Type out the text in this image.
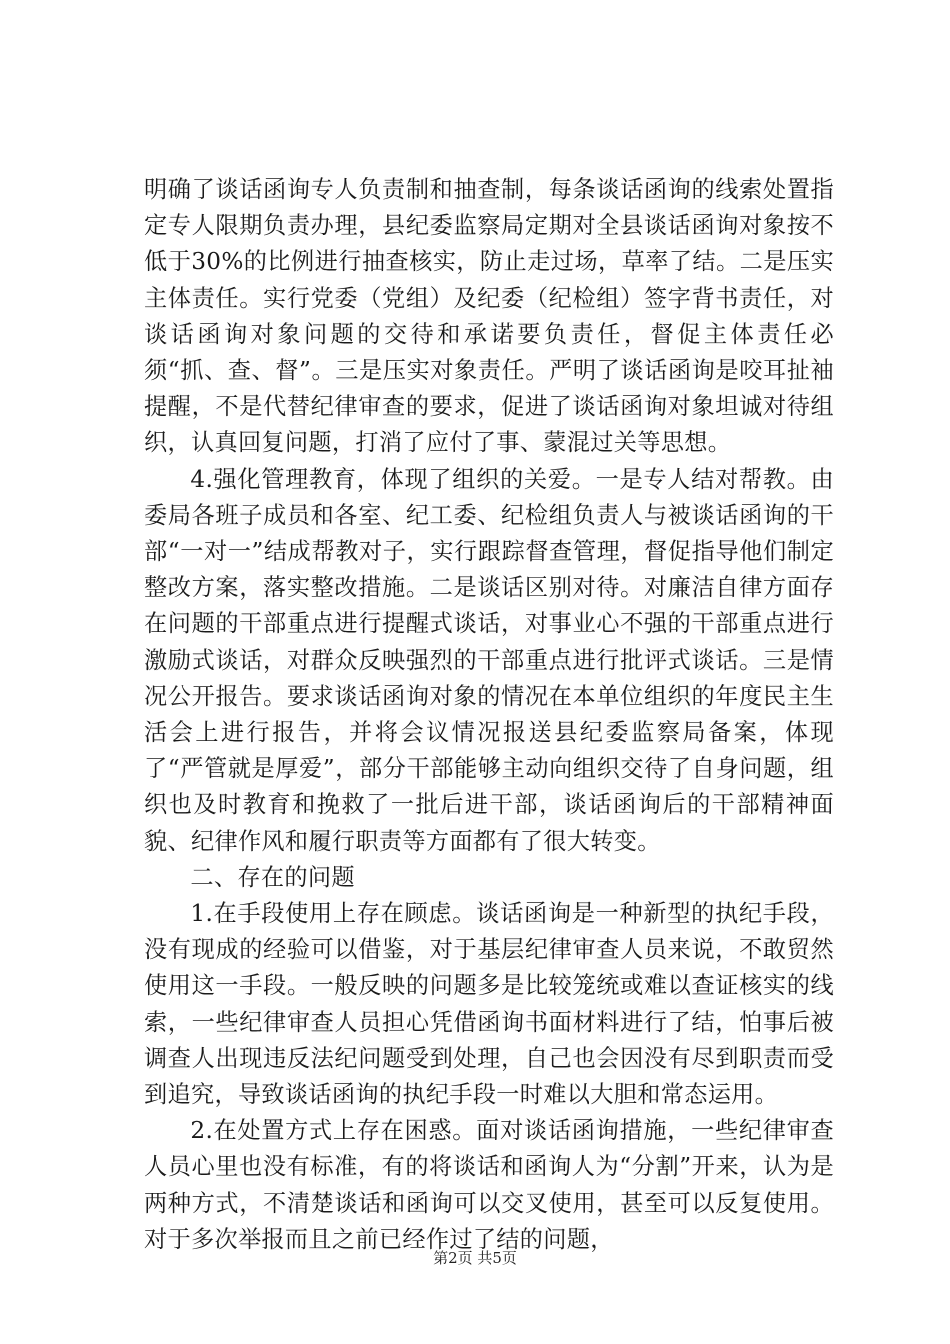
明确了谈话函询专人负责制和抽查制，每条谈话函询的线索处置指定专人限期负责办理，县纪委监察局定期对全县谈话函询对象按不低于30%的比例进行抽查核实，防止走过场，草率了结。二是压实主体责任。实行党委（党组）及纪委（纪检组）签字背书责任，对谈话函询对象问题的交待和承诺要负责任，督促主体责任必须“抓、查、督”。三是压实对象责任。严明了谈话函询是咬耳扯袖提醒，不是代替纪律审查的要求，促进了谈话函询对象坦诚对待组织，认真回复问题，打消了应付了事、蒙混过关等思想。

4.强化管理教育，体现了组织的关爱。一是专人结对帮教。由委局各班子成员和各室、纪工委、纪检组负责人与被谈话函询的干部“一对一”结成帮教对子，实行跟踪督查管理，督促指导他们制定整改方案，落实整改措施。二是谈话区别对待。对廉洁自律方面存在问题的干部重点进行提醒式谈话，对事业心不强的干部重点进行激励式谈话，对群众反映强烈的干部重点进行批评式谈话。三是情况公开报告。要求谈话函询对象的情况在本单位组织的年度民主生活会上进行报告，并将会议情况报送县纪委监察局备案，体现了“严管就是厚爱”，部分干部能够主动向组织交待了自身问题，组织也及时教育和挽救了一批后进干部，谈话函询后的干部精神面貌、纪律作风和履行职责等方面都有了很大转变。

二、存在的问题

1.在手段使用上存在顾虑。谈话函询是一种新型的执纪手段，没有现成的经验可以借鉴，对于基层纪律审查人员来说，不敢贸然使用这一手段。一般反映的问题多是比较笼统或难以查证核实的线索，一些纪律审查人员担心凭借函询书面材料进行了结，怕事后被调查人出现违反法纪问题受到处理，自己也会因没有尽到职责而受到追究，导致谈话函询的执纪手段一时难以大胆和常态运用。

2.在处置方式上存在困惑。面对谈话函询措施，一些纪律审查人员心里也没有标准，有的将谈话和函询人为“分割”开来，认为是两种方式，不清楚谈话和函询可以交叉使用，甚至可以反复使用。对于多次举报而且之前已经作过了结的问题，

第2页 共5页
